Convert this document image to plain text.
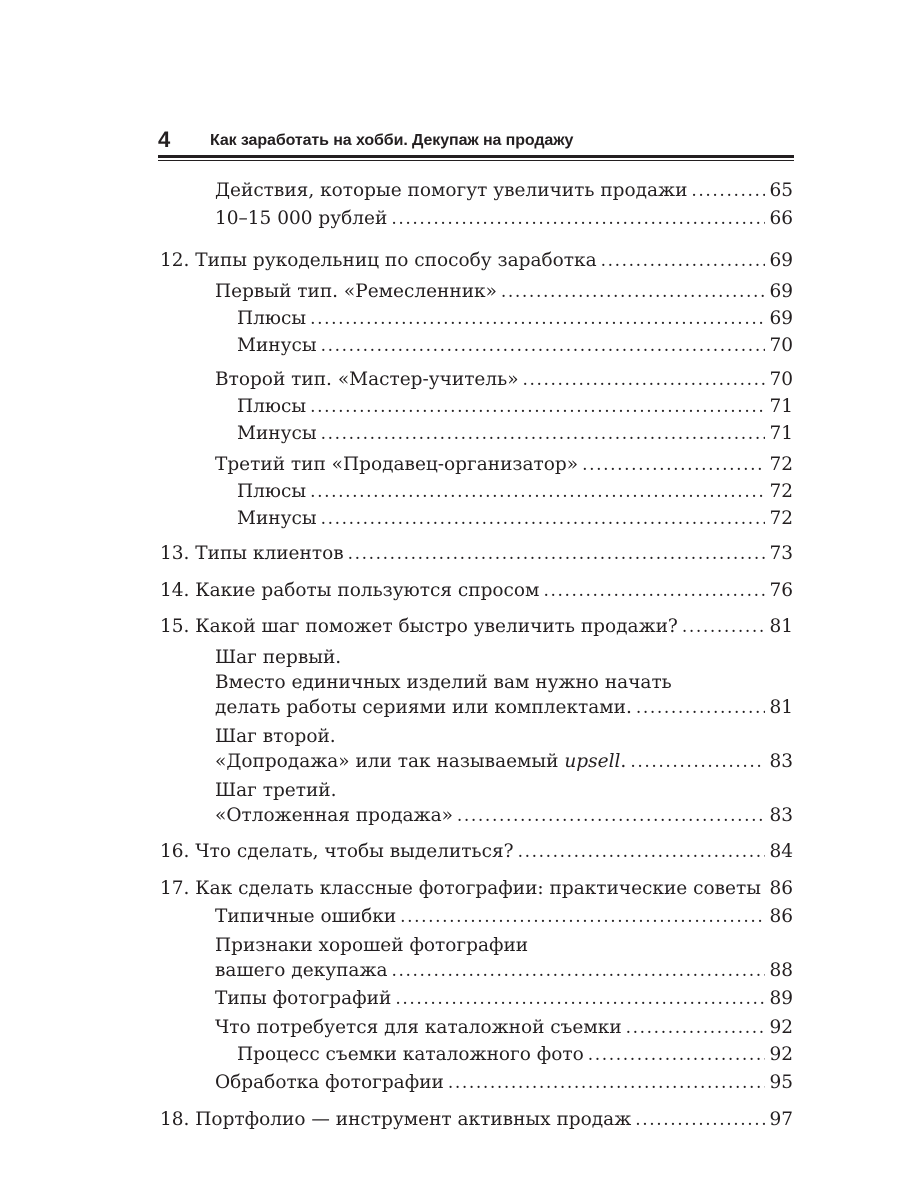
4 Как заработать на хобби. Декупаж на продажу
Действия, которые помогут увеличить продажи .....	65
10–15 000 рублей .....	66
12. Типы рукодельниц по способу заработка .....	69
Первый тип. «Ремесленник» .....	69
Плюсы .....	69
Минусы .....	70
Второй тип. «Мастер-учитель» .....	70
Плюсы .....	71
Минусы .....	71
Третий тип «Продавец-организатор» .....	72
Плюсы .....	72
Минусы .....	72
13. Типы клиентов .....	73
14. Какие работы пользуются спросом .....	76
15. Какой шаг поможет быстро увеличить продажи? .....	81
Шаг первый.
Вместо единичных изделий вам нужно начать
делать работы сериями или комплектами. .....	81
Шаг второй.
«Допродажа» или так называемый upsell. .....	83
Шаг третий.
«Отложенная продажа» .....	83
16. Что сделать, чтобы выделиться? .....	84
17. Как сделать классные фотографии: практические советы ..... 86
Типичные ошибки .....	86
Признаки хорошей фотографии
вашего декупажа .....	88
Типы фотографий .....	89
Что потребуется для каталожной съемки .....	92
Процесс съемки каталожного фото .....	92
Обработка фотографии .....	95
18. Портфолио — инструмент активных продаж .....	97
